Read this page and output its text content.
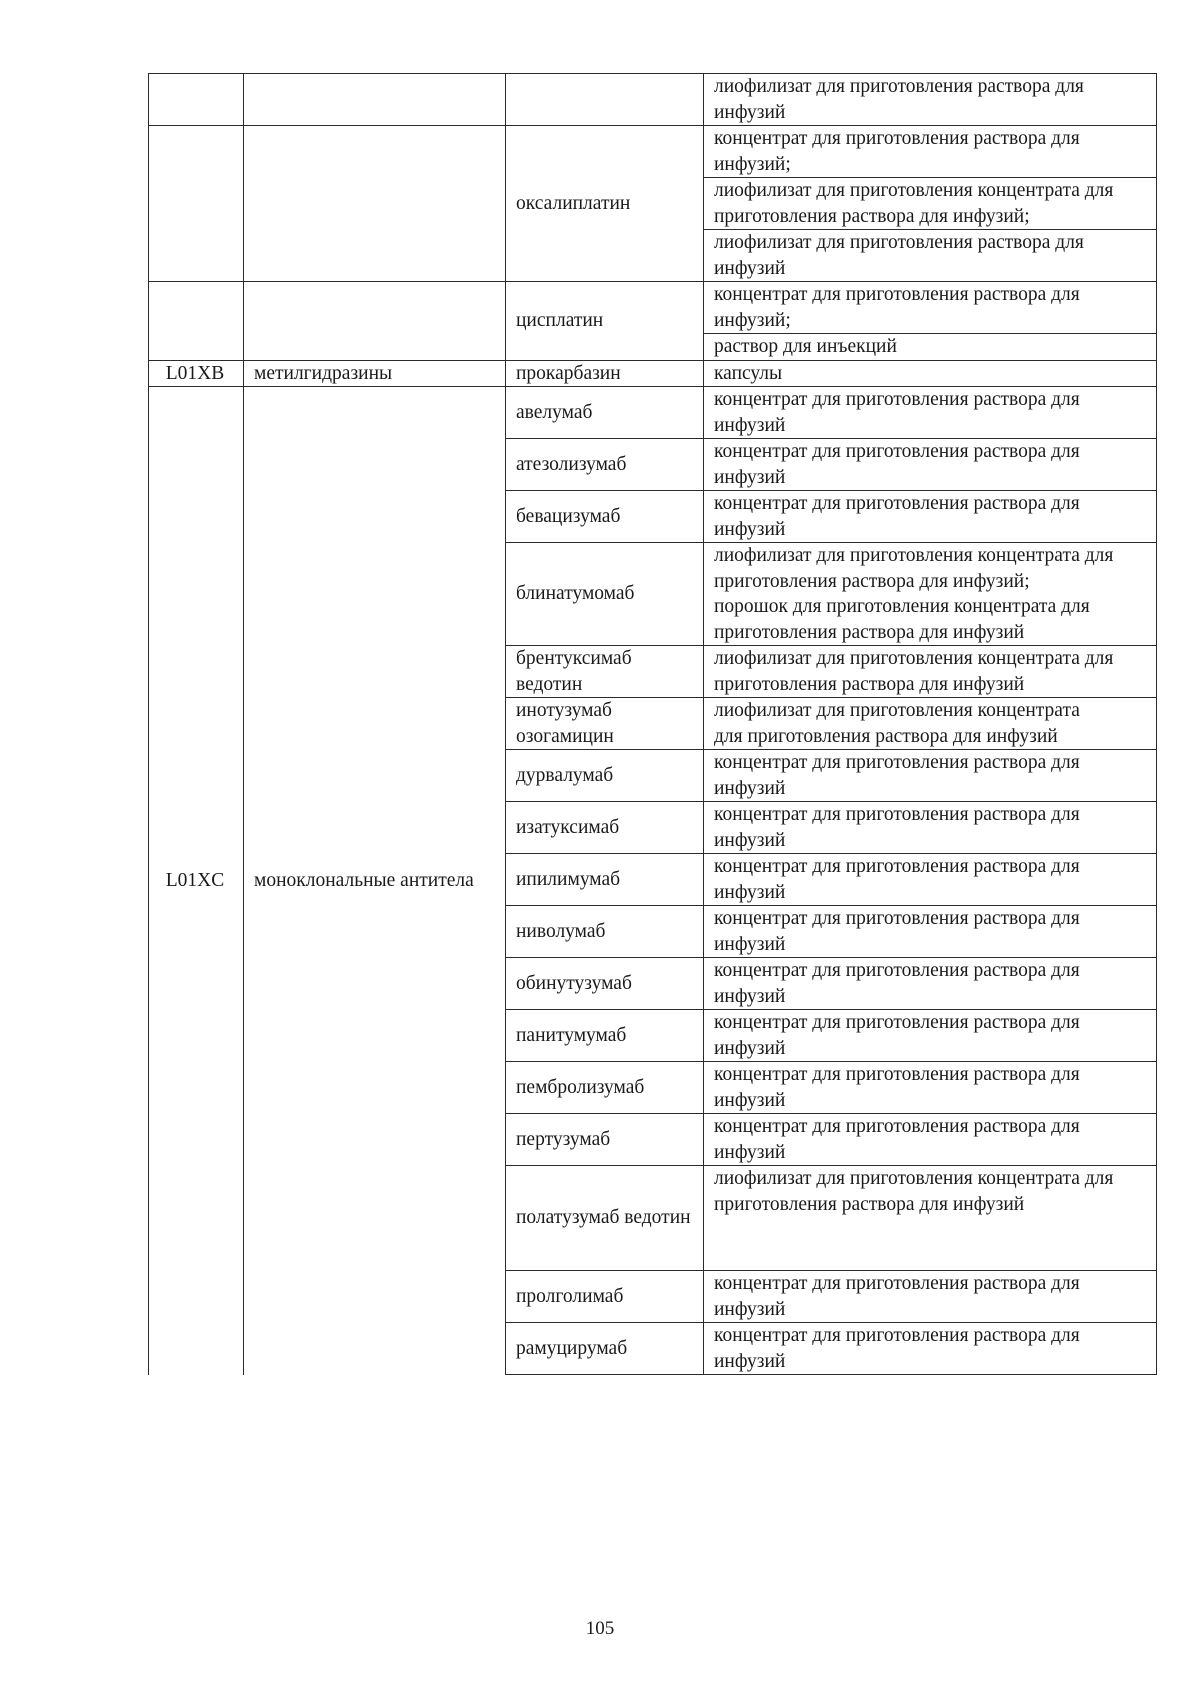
			лиофилизат для приготовления раствора для инфузий
		оксалиплатин	концентрат для приготовления раствора для инфузий;
			лиофилизат для приготовления концентрата для приготовления раствора для инфузий;
			лиофилизат для приготовления раствора для инфузий
		цисплатин	концентрат для приготовления раствора для инфузий;
			раствор для инъекций
L01XB	метилгидразины	прокарбазин	капсулы
L01XC	моноклональные антитела	авелумаб	концентрат для приготовления раствора для инфузий
		атезолизумаб	концентрат для приготовления раствора для инфузий
		бевацизумаб	концентрат для приготовления раствора для инфузий
		блинатумомаб	лиофилизат для приготовления концентрата для приготовления раствора для инфузий;
порошок для приготовления концентрата для приготовления раствора для инфузий

		брентуксимаб ведотин	лиофилизат для приготовления концентрата для приготовления раствора для инфузий
		инотузумаб озогамицин	лиофилизат для приготовления концентрата
для приготовления раствора для инфузий

		дурвалумаб	концентрат для приготовления раствора для инфузий
		изатуксимаб	концентрат для приготовления раствора для инфузий
		ипилимумаб	концентрат для приготовления раствора для инфузий
		ниволумаб	концентрат для приготовления раствора для инфузий
		обинутузумаб	концентрат для приготовления раствора для инфузий
		панитумумаб	концентрат для приготовления раствора для инфузий
		пембролизумаб	концентрат для приготовления раствора для инфузий
		пертузумаб	концентрат для приготовления раствора для инфузий
		полатузумаб ведотин	лиофилизат для приготовления концентрата для приготовления раствора для инфузий
		пролголимаб	концентрат для приготовления раствора для инфузий
		рамуцирумаб	концентрат для приготовления раствора для инфузий
105
